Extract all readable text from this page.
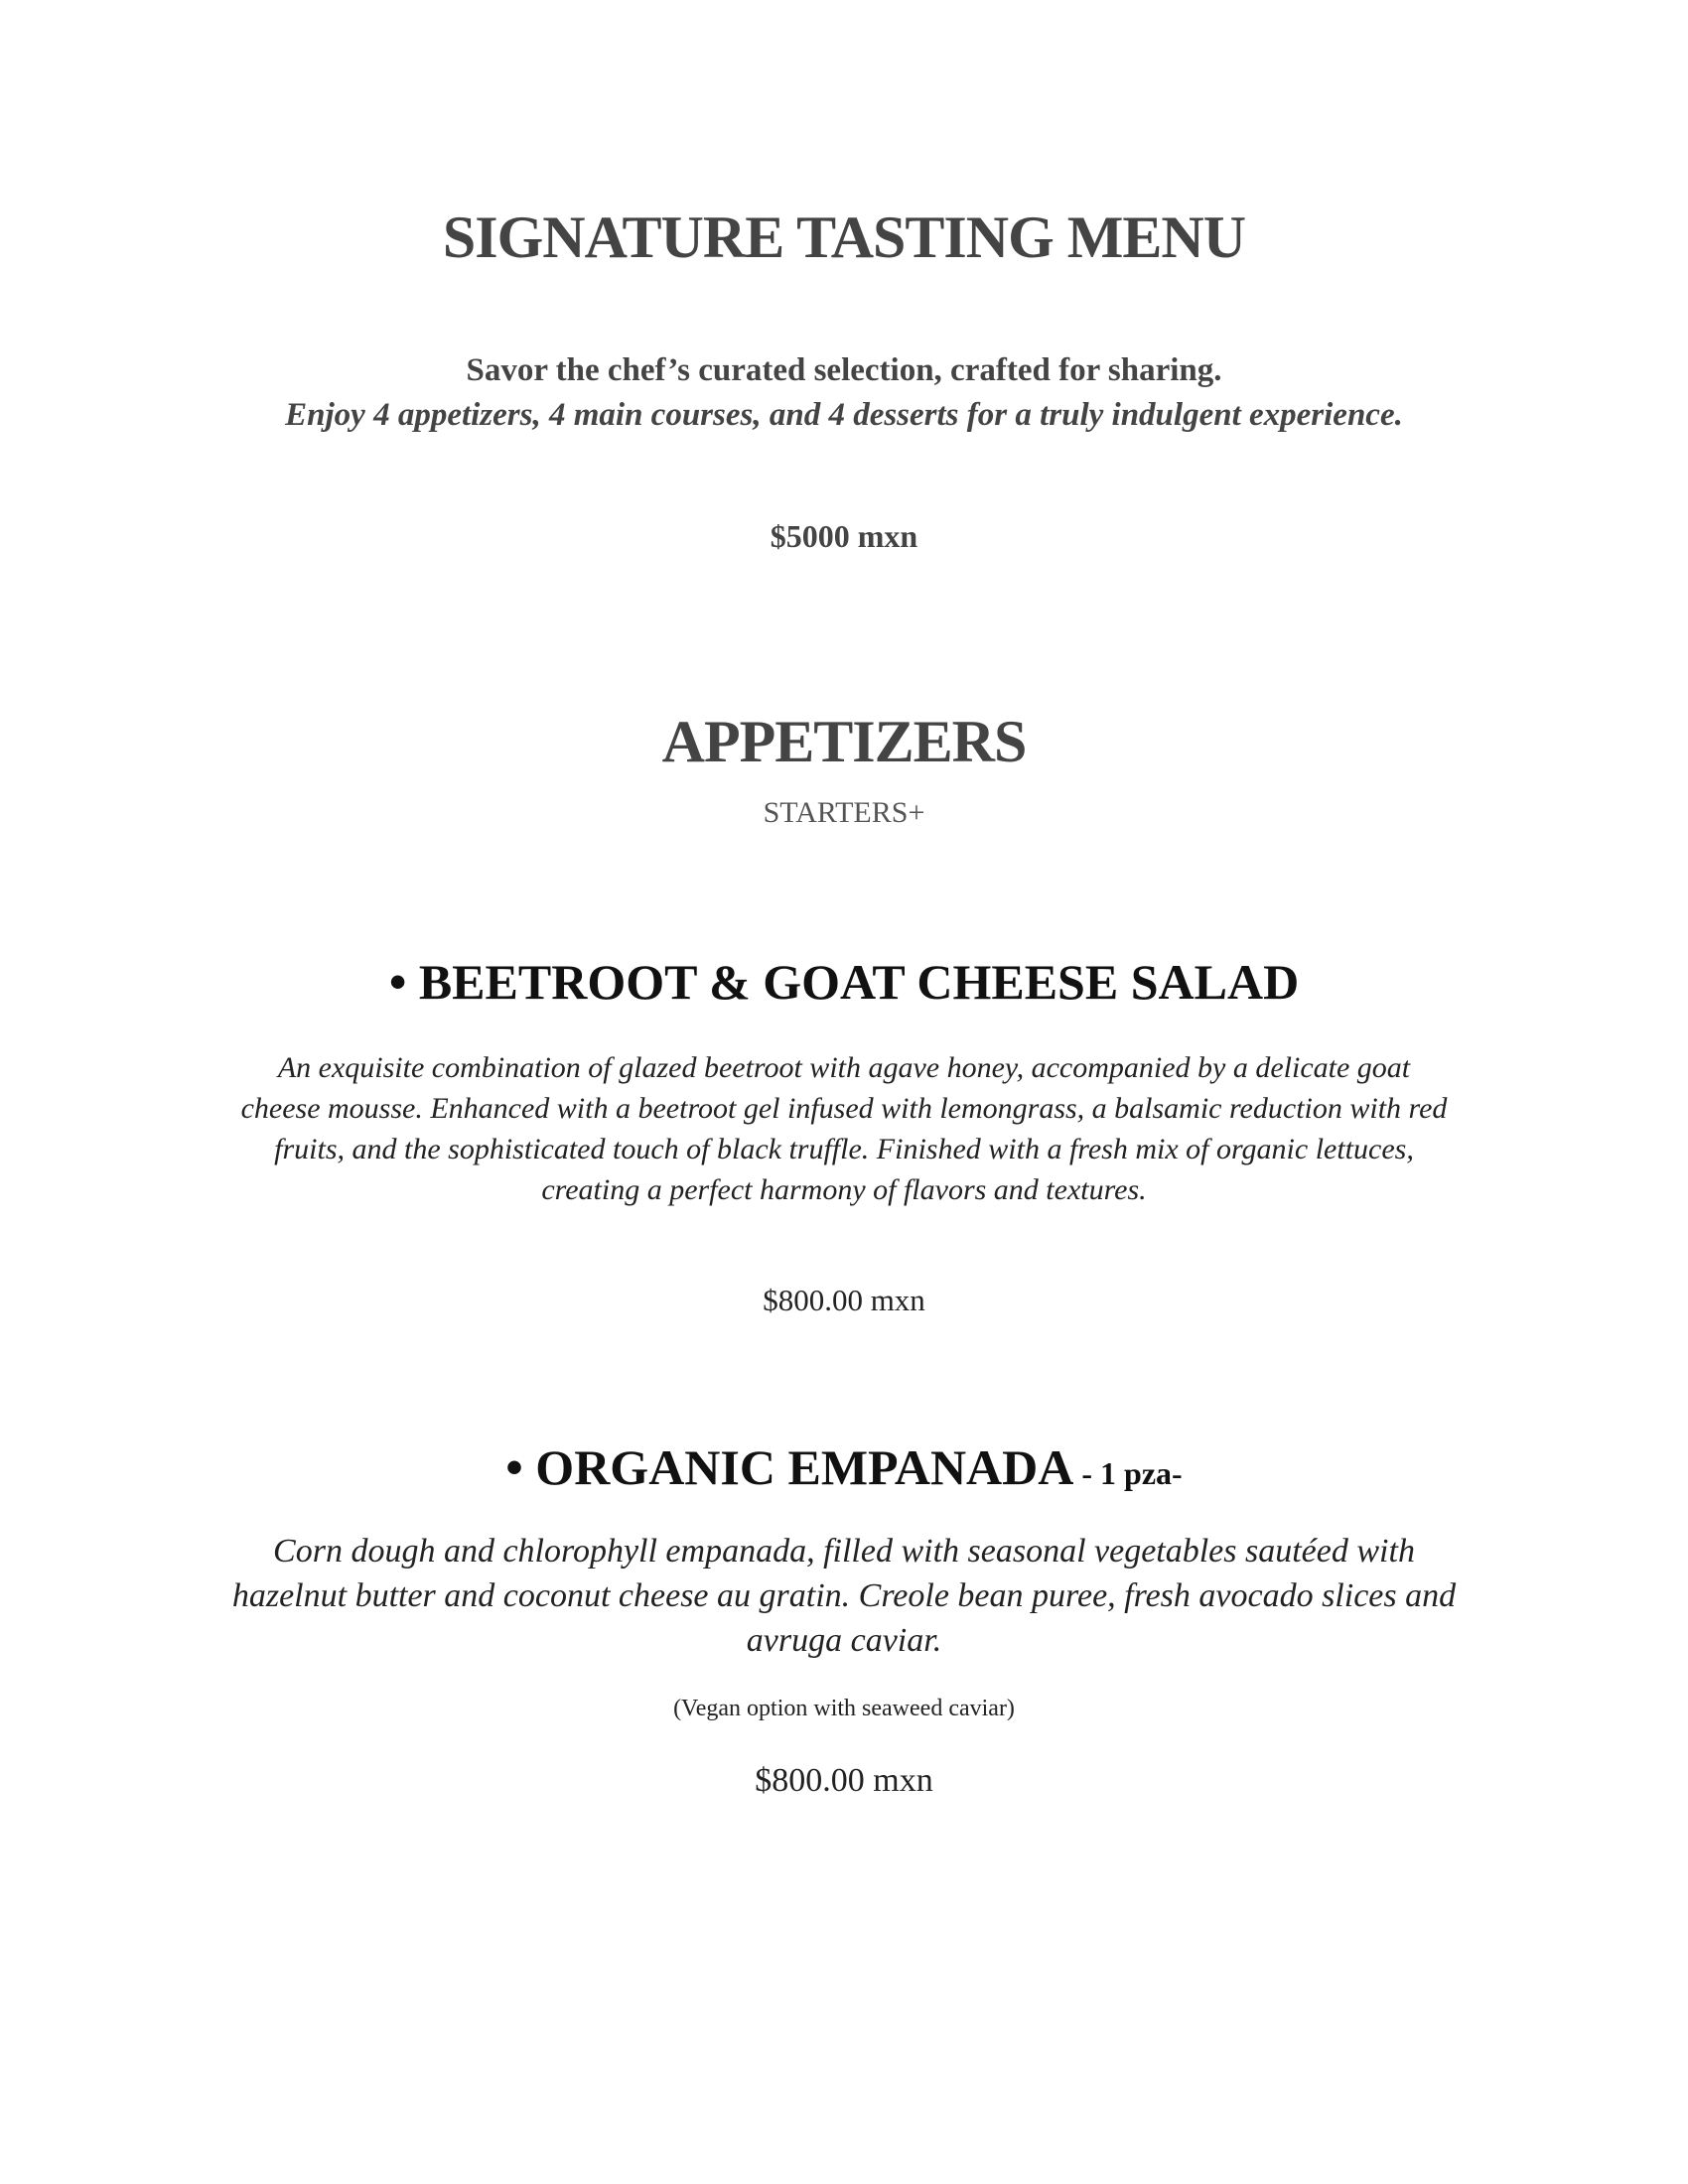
SIGNATURE TASTING MENU
Savor the chef’s curated selection, crafted for sharing.
Enjoy 4 appetizers, 4 main courses, and 4 desserts for a truly indulgent experience.
$5000 mxn
APPETIZERS
STARTERS+
• BEETROOT & GOAT CHEESE SALAD
An exquisite combination of glazed beetroot with agave honey, accompanied by a delicate goat
cheese mousse. Enhanced with a beetroot gel infused with lemongrass, a balsamic reduction with red
fruits, and the sophisticated touch of black truffle. Finished with a fresh mix of organic lettuces,
creating a perfect harmony of flavors and textures.
$800.00 mxn
• ORGANIC EMPANADA - 1 pza-
Corn dough and chlorophyll empanada, filled with seasonal vegetables sautéed with
hazelnut butter and coconut cheese au gratin. Creole bean puree, fresh avocado slices and
avruga caviar.
(Vegan option with seaweed caviar)
$800.00 mxn
